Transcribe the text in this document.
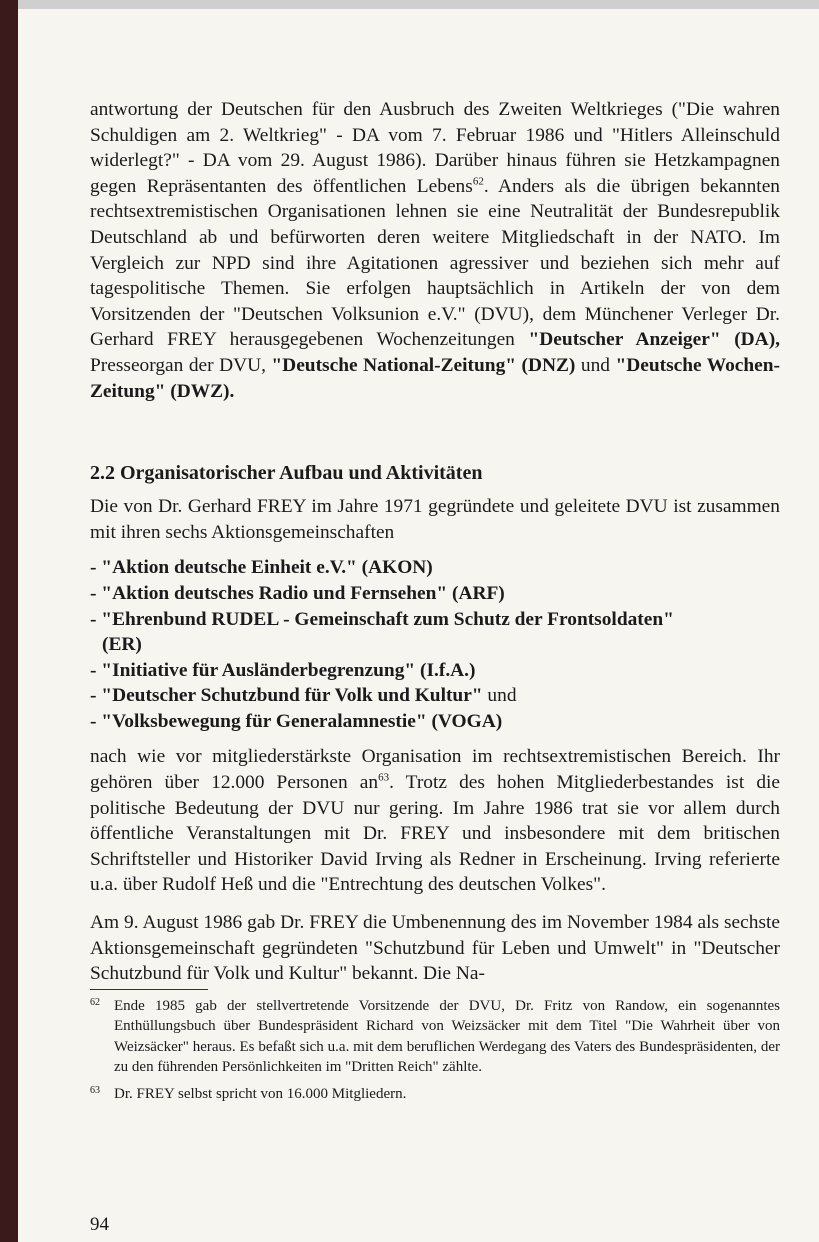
antwortung der Deutschen für den Ausbruch des Zweiten Weltkrieges ("Die wahren Schuldigen am 2. Weltkrieg" - DA vom 7. Februar 1986 und "Hitlers Alleinschuld widerlegt?" - DA vom 29. August 1986). Darüber hinaus führen sie Hetzkampagnen gegen Repräsentanten des öffentlichen Lebens$^{62}$. Anders als die übrigen bekannten rechtsextremistischen Organisationen lehnen sie eine Neutralität der Bundesrepublik Deutschland ab und befürworten deren weitere Mitgliedschaft in der NATO. Im Vergleich zur NPD sind ihre Agitationen agressiver und beziehen sich mehr auf tagespolitische Themen. Sie erfolgen hauptsächlich in Artikeln der von dem Vorsitzenden der "Deutschen Volksunion e.V." (DVU), dem Münchener Verleger Dr. Gerhard FREY herausgegebenen Wochenzeitungen "Deutscher Anzeiger" (DA), Presseorgan der DVU, "Deutsche National-Zeitung" (DNZ) und "Deutsche Wochen-Zeitung" (DWZ).

2.2 Organisatorischer Aufbau und Aktivitäten

Die von Dr. Gerhard FREY im Jahre 1971 gegründete und geleitete DVU ist zusammen mit ihren sechs Aktionsgemeinschaften

- "Aktion deutsche Einheit e.V." (AKON)
- "Aktion deutsches Radio und Fernsehen" (ARF)
- "Ehrenbund RUDEL - Gemeinschaft zum Schutz der Frontsoldaten"
(ER)
- "Initiative für Ausländerbegrenzung" (I.f.A.)
- "Deutscher Schutzbund für Volk und Kultur" und
- "Volksbewegung für Generalamnestie" (VOGA)

nach wie vor mitgliederstärkste Organisation im rechtsextremistischen Bereich. Ihr gehören über 12.000 Personen $an^{63}$. Trotz des hohen Mitgliederbestandes ist die politische Bedeutung der DVU nur gering. Im Jahre 1986 trat sie vor allem durch öffentliche Veranstaltungen mit Dr. FREY und insbesondere mit dem britischen Schriftsteller und Historiker David Irving als Redner in Erscheinung. Irving referierte u.a. über Rudolf Heß und die "Entrechtung des deutschen Volkes".

Am 9. August 1986 gab Dr. FREY die Umbenennung des im November 1984 als sechste Aktionsgemeinschaft gegründeten "Schutzbund für Leben und Umwelt" in "Deutscher Schutzbund für Volk und Kultur" bekannt. Die Na-

62 Ende 1985 gab der stellvertretende Vorsitzende der DVU, Dr. Fritz von Randow, ein sogenanntes Enthüllungsbuch über Bundespräsident Richard von Weizsäcker mit dem Titel "Die Wahrheit über von Weizsäcker" heraus. Es befaßt sich u.a. mit dem beruflichen Werdegang des Vaters des Bundespräsidenten, der zu den führenden Persönlichkeiten im "Dritten Reich" zählte.

63 Dr. FREY selbst spricht von 16.000 Mitgliedern.

94
